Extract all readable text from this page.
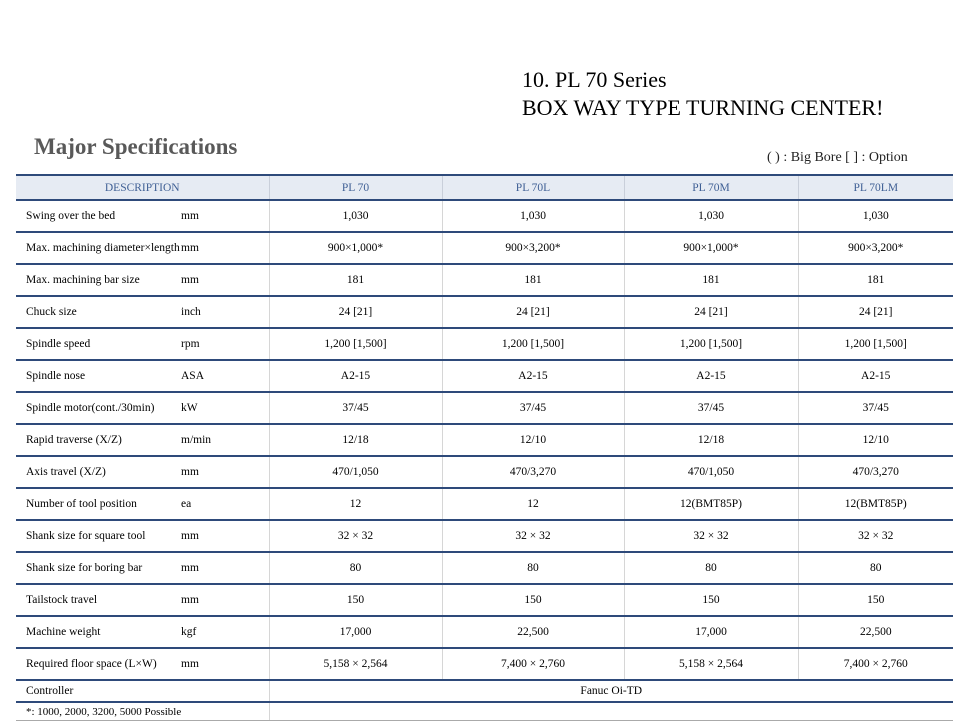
10. PL 70 Series
BOX WAY TYPE TURNING CENTER!
Major Specifications	( ) : Big Bore [ ] : Option
DESCRIPTION	PL 70	PL 70L	PL 70M	PL 70LM

Swing over the bed mm	1,030	1,030	1,030	1,030

Max. machining diameter×length mm	900×1,000*	900×3,200*	900×1,000*	900×3,200*

Max. machining bar size mm	181	181	181	181

Chuck size inch	24 [21]	24 [21]	24 [21]	24 [21]

Spindle speed rpm	1,200 [1,500]	1,200 [1,500]	1,200 [1,500]	1,200 [1,500]

Spindle nose ASA	A2-15	A2-15	A2-15	A2-15

Spindle motor(cont./30min) kW	37/45	37/45	37/45	37/45

Rapid traverse (X/Z) m/min	12/18	12/10	12/18	12/10

Axis travel (X/Z) mm	470/1,050	470/3,270	470/1,050	470/3,270

Number of tool position ea	12	12	12(BMT85P)	12(BMT85P)

Shank size for square tool mm	32 × 32	32 × 32	32 × 32	32 × 32

Shank size for boring bar mm	80	80	80	80

Tailstock travel mm	150	150	150	150

Machine weight kgf	17,000	22,500	17,000	22,500

Required floor space (L×W) mm	5,158 × 2,564	7,400 × 2,760	5,158 × 2,564	7,400 × 2,760
Controller	Fanuc Oi-TD			
*: 1000, 2000, 3200, 5000 Possible				
